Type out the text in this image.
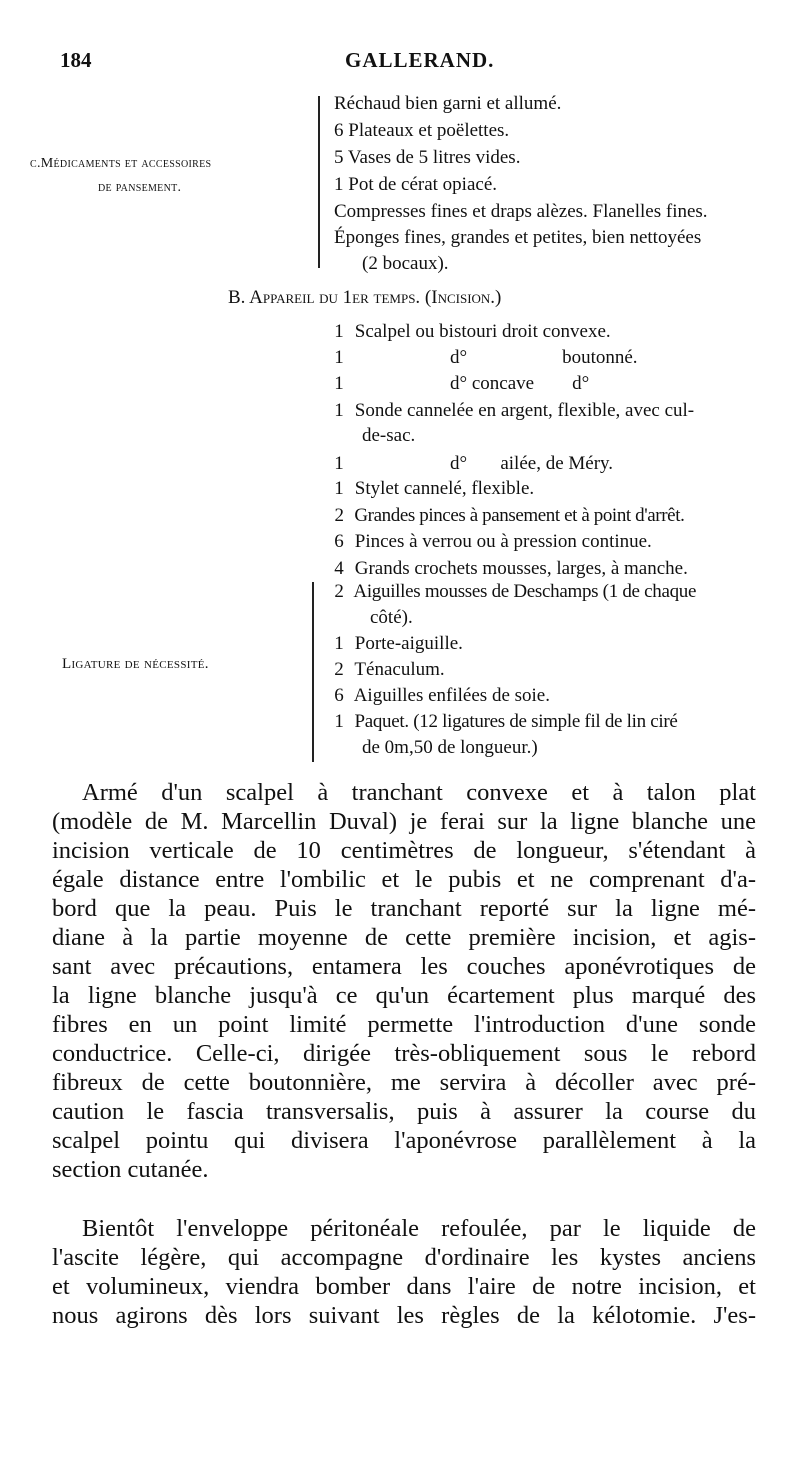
184	GALLERAND.
c.Médicaments et accessoires
de pansement.
Réchaud bien garni et allumé.
6 Plateaux et poëlettes.
5 Vases de 5 litres vides.
1 Pot de cérat opiacé.
Compresses fines et draps alèzes. Flanelles fines.
Éponges fines, grandes et petites, bien nettoyées
(2 bocaux).
B. Appareil du 1er temps. (Incision.)
1 Scalpel ou bistouri droit convexe.
1	d°                    boutonné.
1	d° concave        d°
1 Sonde cannelée en argent, flexible, avec cul-
de-sac.
1	d°       ailée, de Méry.
1 Stylet cannelé, flexible.
2 Grandes pinces à pansement et à point d'arrêt.
6 Pinces à verrou ou à pression continue.
4 Grands crochets mousses, larges, à manche.
Ligature de nécessité.
2 Aiguilles mousses de Deschamps (1 de chaque
côté).
1 Porte-aiguille.
2 Ténaculum.
6 Aiguilles enfilées de soie.
1 Paquet. (12 ligatures de simple fil de lin ciré
de 0m,50 de longueur.)
Armé d'un scalpel à tranchant convexe et à talon plat
(modèle de M. Marcellin Duval) je ferai sur la ligne blanche une
incision verticale de 10 centimètres de longueur, s'étendant à
égale distance entre l'ombilic et le pubis et ne comprenant d'a-
bord que la peau. Puis le tranchant reporté sur la ligne mé-
diane à la partie moyenne de cette première incision, et agis-
sant avec précautions, entamera les couches aponévrotiques de
la ligne blanche jusqu'à ce qu'un écartement plus marqué des
fibres en un point limité permette l'introduction d'une sonde
conductrice. Celle-ci, dirigée très-obliquement sous le rebord
fibreux de cette boutonnière, me servira à décoller avec pré-
caution le fascia transversalis, puis à assurer la course du
scalpel pointu qui divisera l'aponévrose parallèlement à la
section cutanée.
Bientôt l'enveloppe péritonéale refoulée, par le liquide de
l'ascite légère, qui accompagne d'ordinaire les kystes anciens
et volumineux, viendra bomber dans l'aire de notre incision, et
nous agirons dès lors suivant les règles de la kélotomie. J'es-
